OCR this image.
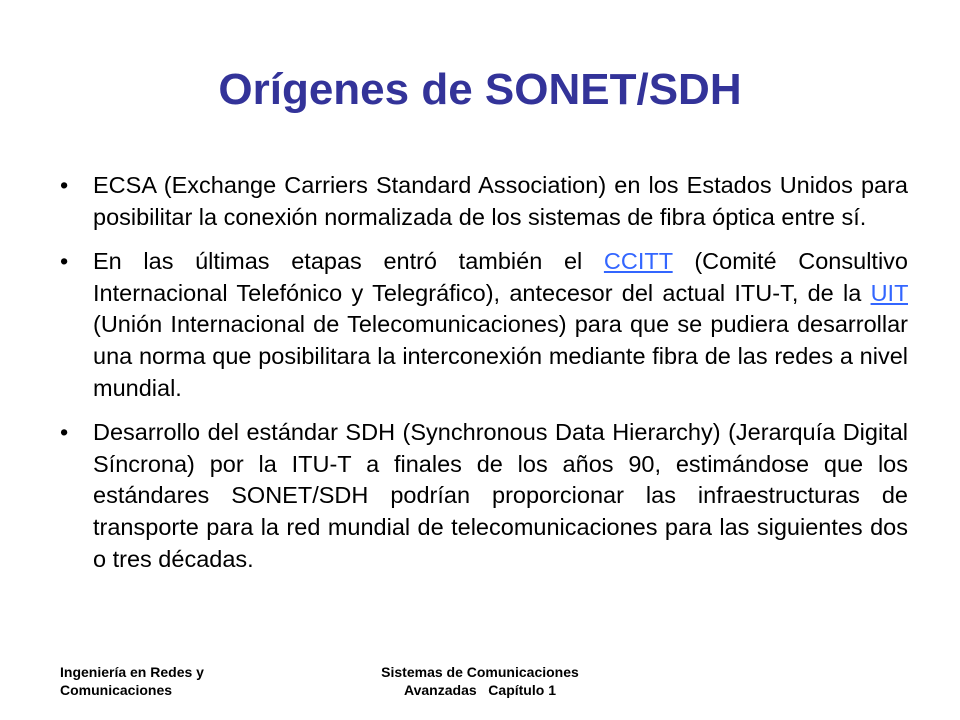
Orígenes de SONET/SDH
• ECSA (Exchange Carriers Standard Association) en los Estados Unidos para posibilitar la conexión normalizada de los sistemas de fibra óptica entre sí.
• En las últimas etapas entró también el CCITT (Comité Consultivo Internacional Telefónico y Telegráfico), antecesor del actual ITU-T, de la UIT (Unión Internacional de Telecomunicaciones) para que se pudiera desarrollar una norma que posibilitara la interconexión mediante fibra de las redes a nivel mundial.
• Desarrollo del estándar SDH (Synchronous Data Hierarchy) (Jerarquía Digital Síncrona) por la ITU-T a finales de los años 90, estimándose que los estándares SONET/SDH podrían proporcionar las infraestructuras de transporte para la red mundial de telecomunicaciones para las siguientes dos o tres décadas.
Ingeniería en Redes y
Comunicaciones
Sistemas de Comunicaciones
Avanzadas   Capítulo 1
